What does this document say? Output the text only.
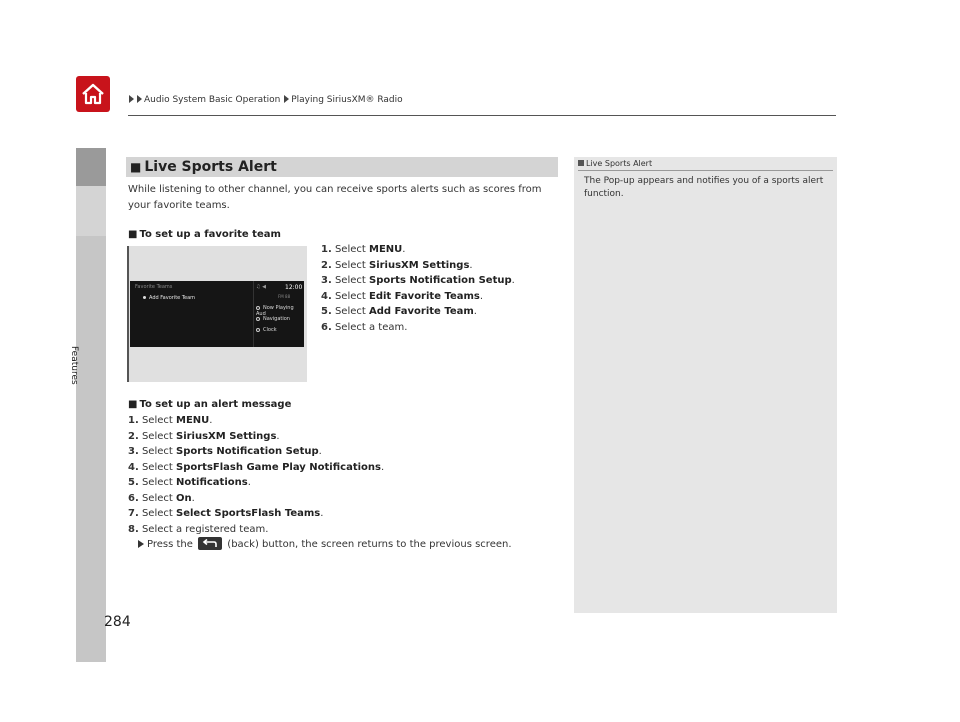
Audio System Basic Operation Playing SiriusXM® Radio
Features
284
■ Live Sports Alert
While listening to other channel, you can receive sports alerts such as scores from your favorite teams.
■ To set up a favorite team
1. Select MENU.
2. Select SiriusXM Settings.
3. Select Sports Notification Setup.
4. Select Edit Favorite Teams.
5. Select Add Favorite Team.
6. Select a team.
Favorite Teams
Add Favorite Team
♫ ◀	12:00
FM 88
Now Playing Aud
Navigation
Clock
■ To set up an alert message
1. Select MENU.
2. Select SiriusXM Settings.
3. Select Sports Notification Setup.
4. Select SportsFlash Game Play Notifications.
5. Select Notifications.
6. Select On.
7. Select Select SportsFlash Teams.
8. Select a registered team.
Press the	(back) button, the screen returns to the previous screen.
Live Sports Alert
The Pop-up appears and notifies you of a sports alert function.
